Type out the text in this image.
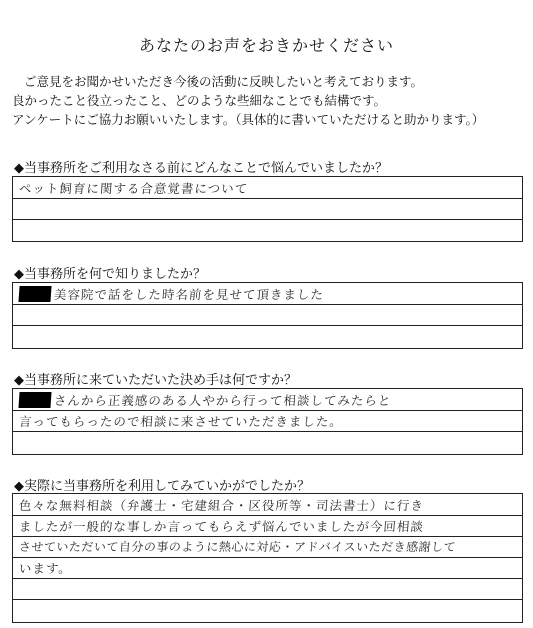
あなたのお声をおきかせください
ご意見をお聞かせいただき今後の活動に反映したいと考えております。
良かったこと役立ったこと、どのような些細なことでも結構です。
アンケートにご協力お願いいたします。（具体的に書いていただけると助かります。）
◆当事務所をご利用なさる前にどんなことで悩んでいましたか？
ペット飼育に関する合意覚書について
◆当事務所を何で知りましたか？
美容院で話をした時名前を見せて頂きました
◆当事務所に来ていただいた決め手は何ですか？
さんから正義感のある人やから行って相談してみたらと
言ってもらったので相談に来させていただきました。
◆実際に当事務所を利用してみていかがでしたか？
色々な無料相談（弁護士・宅建組合・区役所等・司法書士）に行き
ましたが一般的な事しか言ってもらえず悩んでいましたが今回相談
させていただいて自分の事のように熱心に対応・アドバイスいただき感謝して
います。
